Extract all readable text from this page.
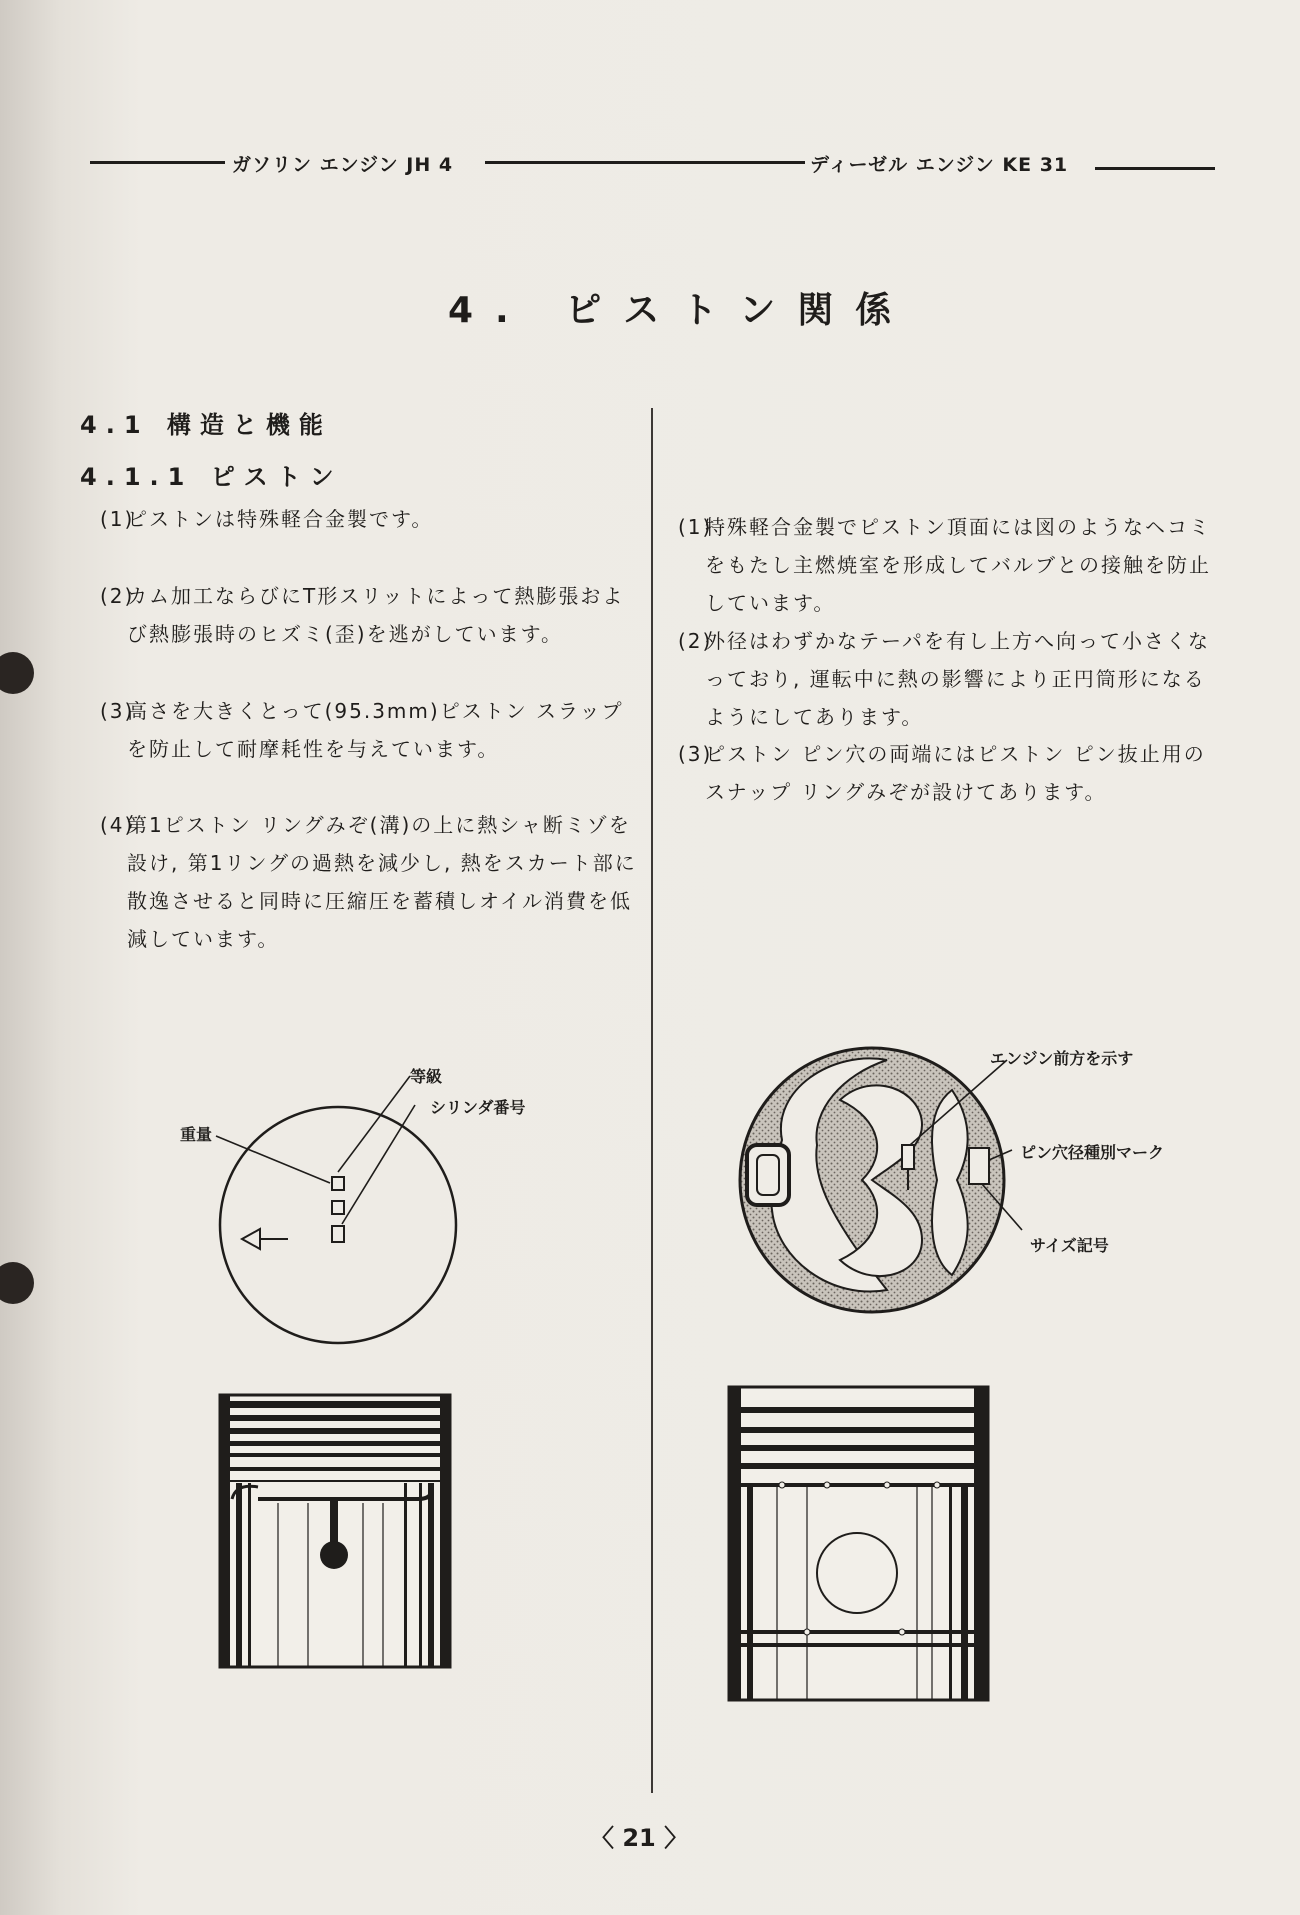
ガソリン エンジン JH 4	ディーゼル エンジン KE 31
4. ピストン関係
4.1 構造と機能
4.1.1 ピストン
(1)
ピストンは特殊軽合金製です。
(2)
カム加工ならびにT形スリットによって熱膨張および熱膨張時のヒズミ(歪)を逃がしています。
(3)
高さを大きくとって(95.3mm)ピストン スラップを防止して耐摩耗性を与えています。
(4)
第1ピストン リングみぞ(溝)の上に熱シャ断ミゾを設け, 第1リングの過熱を減少し, 熱をスカート部に散逸させると同時に圧縮圧を蓄積しオイル消費を低減しています。
(1)
特殊軽合金製でピストン頂面には図のようなヘコミをもたし主燃焼室を形成してバルブとの接触を防止しています。
(2)
外径はわずかなテーパを有し上方へ向って小さくなっており, 運転中に熱の影響により正円筒形になるようにしてあります。
(3)
ピストン ピン穴の両端にはピストン ピン抜止用のスナップ リングみぞが設けてあります。
等級
シリンダ番号
重量
エンジン前方を示す
ピン穴径種別マーク
サイズ記号
〈 21 〉
